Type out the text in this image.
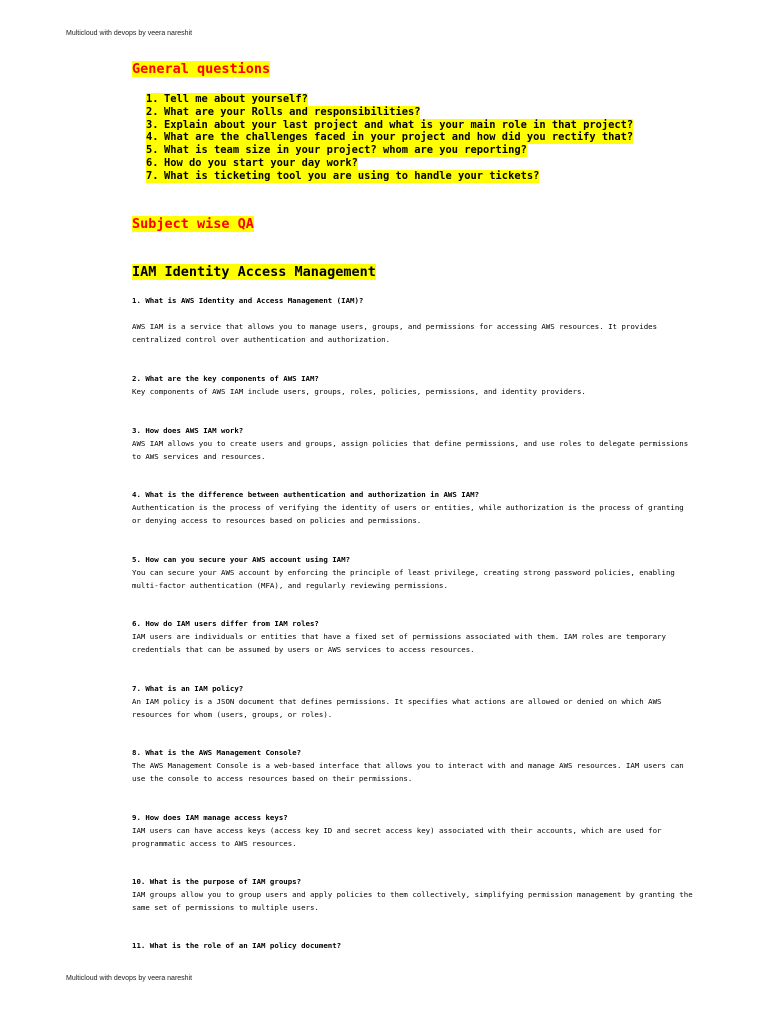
Multicloud with devops by veera nareshit
General questions
1. Tell me about yourself?
2. What are your Rolls and responsibilities?
3. Explain about your last project and what is your main role in that project?
4. What are the challenges faced in your project and how did you rectify that?
5. What is team size in your project? whom are you reporting?
6. How do you start your day work?
7. What is ticketing tool you are using to handle your tickets?
Subject wise QA
IAM Identity Access Management
1. What is AWS Identity and Access Management (IAM)?
AWS IAM is a service that allows you to manage users, groups, and permissions for accessing AWS resources. It provides centralized control over authentication and authorization.
2. What are the key components of AWS IAM?
Key components of AWS IAM include users, groups, roles, policies, permissions, and identity providers.
3. How does AWS IAM work?
AWS IAM allows you to create users and groups, assign policies that define permissions, and use roles to delegate permissions to AWS services and resources.
4. What is the difference between authentication and authorization in AWS IAM?
Authentication is the process of verifying the identity of users or entities, while authorization is the process of granting or denying access to resources based on policies and permissions.
5. How can you secure your AWS account using IAM?
You can secure your AWS account by enforcing the principle of least privilege, creating strong password policies, enabling multi-factor authentication (MFA), and regularly reviewing permissions.
6. How do IAM users differ from IAM roles?
IAM users are individuals or entities that have a fixed set of permissions associated with them. IAM roles are temporary credentials that can be assumed by users or AWS services to access resources.
7. What is an IAM policy?
An IAM policy is a JSON document that defines permissions. It specifies what actions are allowed or denied on which AWS resources for whom (users, groups, or roles).
8. What is the AWS Management Console?
The AWS Management Console is a web-based interface that allows you to interact with and manage AWS resources. IAM users can use the console to access resources based on their permissions.
9. How does IAM manage access keys?
IAM users can have access keys (access key ID and secret access key) associated with their accounts, which are used for programmatic access to AWS resources.
10. What is the purpose of IAM groups?
IAM groups allow you to group users and apply policies to them collectively, simplifying permission management by granting the same set of permissions to multiple users.
11. What is the role of an IAM policy document?
Multicloud with devops by veera nareshit
